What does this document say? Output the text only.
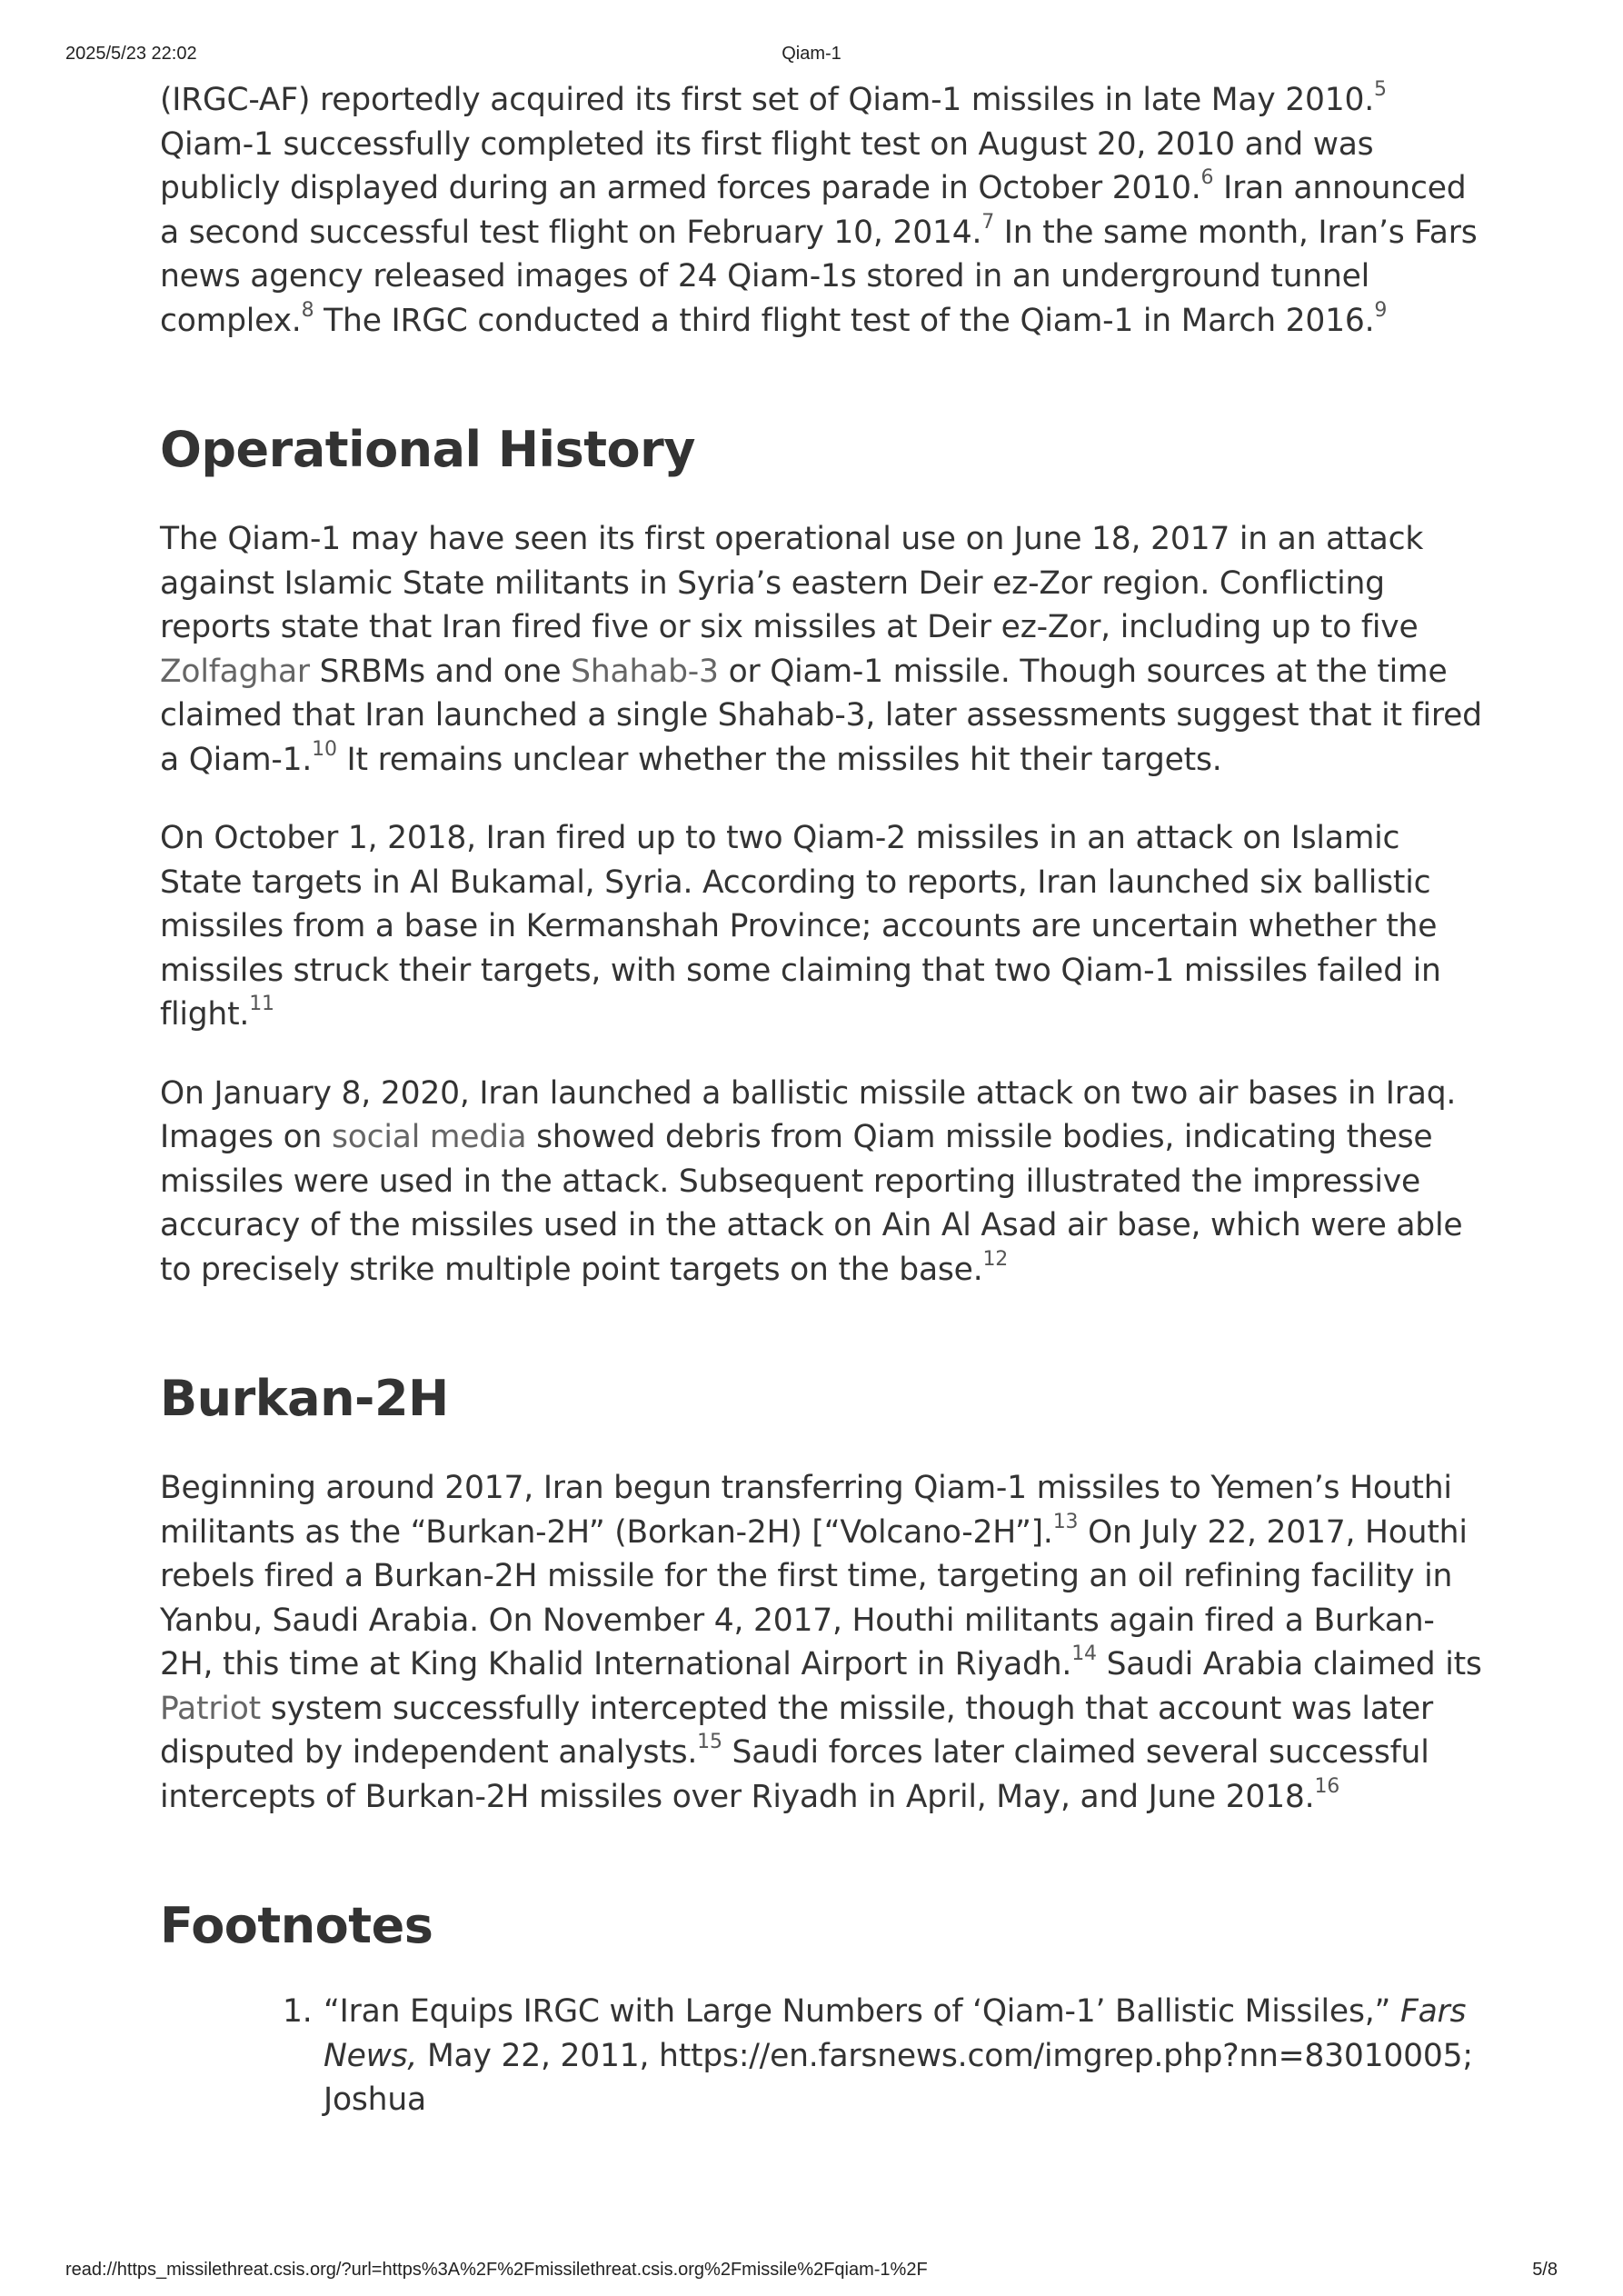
2025/5/23 22:02	Qiam-1

(IRGC-AF) reportedly acquired its first set of Qiam-1 missiles in late May 2010.$^5$ Qiam-1 successfully completed its first flight test on August 20, 2010 and was publicly displayed during an armed forces parade in October 2010.$^6$ Iran announced a second successful test flight on February 10, 2014.$^7$ In the same month, Iran’s Fars news agency released images of 24 Qiam-1s stored in an underground tunnel complex.$^8$ The IRGC conducted a third flight test of the Qiam-1 in March 2016.$^9$

Operational History

The Qiam-1 may have seen its first operational use on June 18, 2017 in an attack against Islamic State militants in Syria’s eastern Deir ez-Zor region. Conflicting reports state that Iran fired five or six missiles at Deir ez-Zor, including up to five Zolfaghar SRBMs and one Shahab-3 or Qiam-1 missile. Though sources at the time claimed that Iran launched a single Shahab-3, later assessments suggest that it fired a Qiam-1.10 It remains unclear whether the missiles hit their targets.

On October 1, 2018, Iran fired up to two Qiam-2 missiles in an attack on Islamic State targets in Al Bukamal, Syria. According to reports, Iran launched six ballistic missiles from a base in Kermanshah Province; accounts are uncertain whether the missiles struck their targets, with some claiming that two Qiam-1 missiles failed in flight.$^{11}$

On January 8, 2020, Iran launched a ballistic missile attack on two air bases in Iraq. Images on social media showed debris from Qiam missile bodies, indicating these missiles were used in the attack. Subsequent reporting illustrated the impressive accuracy of the missiles used in the attack on Ain Al Asad air base, which were able to precisely strike multiple point targets on the base.$^{12}$

Burkan-2H

Beginning around 2017, Iran begun transferring Qiam-1 missiles to Yemen’s Houthi militants as the “Burkan-2H” (Borkan-2H) [“Volcano-2H”].$^{13}$ On July 22, 2017, Houthi rebels fired a Burkan-2H missile for the first time, targeting an oil refining facility in Yanbu, Saudi Arabia. On November 4, 2017, Houthi militants again fired a Burkan-2H, this time at King Khalid International Airport in Riyadh.$^{14}$ Saudi Arabia claimed its Patriot system successfully intercepted the missile, though that account was later disputed by independent analysts.$^{15}$ Saudi forces later claimed several successful intercepts of Burkan-2H missiles over Riyadh in April, May, and June 2018.16

Footnotes
1. “Iran Equips IRGC with Large Numbers of ‘Qiam-1’ Ballistic Missiles,” Fars News, May 22, 2011, https://en.farsnews.com/imgrep.php?nn=83010005; Joshua
read://https_missilethreat.csis.org/?url=https%3A%2F%2Fmissilethreat.csis.org%2Fmissile%2Fqiam-1%2F	5/8
